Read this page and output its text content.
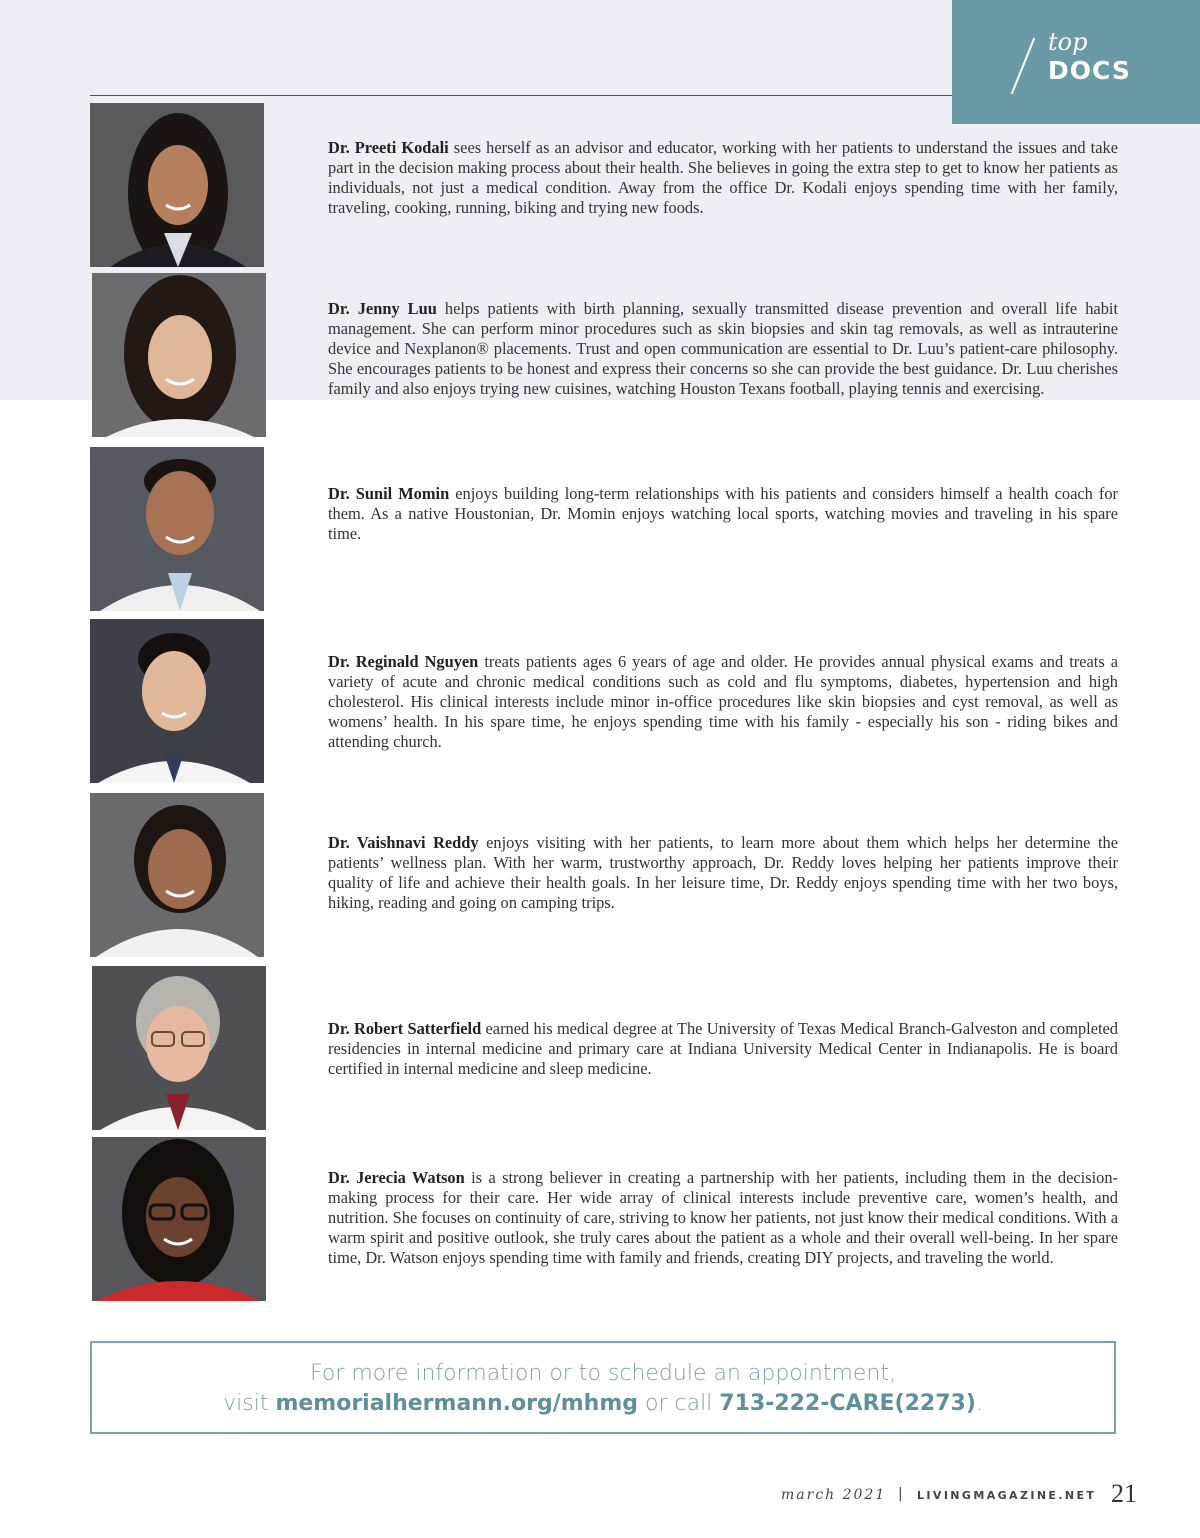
top
DOCS

Dr. Preeti Kodali sees herself as an advisor and educator, working with her patients to understand the issues and take part in the decision making process about their health. She believes in going the extra step to get to know her patients as individuals, not just a medical condition. Away from the office Dr. Kodali enjoys spending time with her family, traveling, cooking, running, biking and trying new foods.

Dr. Jenny Luu helps patients with birth planning, sexually transmitted disease prevention and overall life habit management. She can perform minor procedures such as skin biopsies and skin tag removals, as well as intrauterine device and Nexplanon® placements. Trust and open communication are essential to Dr. Luu’s patient-care philosophy. She encourages patients to be honest and express their concerns so she can provide the best guidance. Dr. Luu cherishes family and also enjoys trying new cuisines, watching Houston Texans football, playing tennis and exercising.

Dr. Sunil Momin enjoys building long-term relationships with his patients and considers himself a health coach for them. As a native Houstonian, Dr. Momin enjoys watching local sports, watching movies and traveling in his spare time.

Dr. Reginald Nguyen treats patients ages 6 years of age and older. He provides annual physical exams and treats a variety of acute and chronic medical conditions such as cold and flu symptoms, diabetes, hypertension and high cholesterol. His clinical interests include minor in-office procedures like skin biopsies and cyst removal, as well as womens’ health. In his spare time, he enjoys spending time with his family - especially his son - riding bikes and attending church.

Dr. Vaishnavi Reddy enjoys visiting with her patients, to learn more about them which helps her determine the patients’ wellness plan. With her warm, trustworthy approach, Dr. Reddy loves helping her patients improve their quality of life and achieve their health goals. In her leisure time, Dr. Reddy enjoys spending time with her two boys, hiking, reading and going on camping trips.

Dr. Robert Satterfield earned his medical degree at The University of Texas Medical Branch-Galveston and completed residencies in internal medicine and primary care at Indiana University Medical Center in Indianapolis. He is board certified in internal medicine and sleep medicine.

Dr. Jerecia Watson is a strong believer in creating a partnership with her patients, including them in the decision-making process for their care. Her wide array of clinical interests include preventive care, women’s health, and nutrition. She focuses on continuity of care, striving to know her patients, not just know their medical conditions. With a warm spirit and positive outlook, she truly cares about the patient as a whole and their overall well-being. In her spare time, Dr. Watson enjoys spending time with family and friends, creating DIY projects, and traveling the world.

For more information or to schedule an appointment,
visit memorialhermann.org/mhmg or call 713-222-CARE(2273).
march 2021 | LIVINGMAGAZINE.NET 21
